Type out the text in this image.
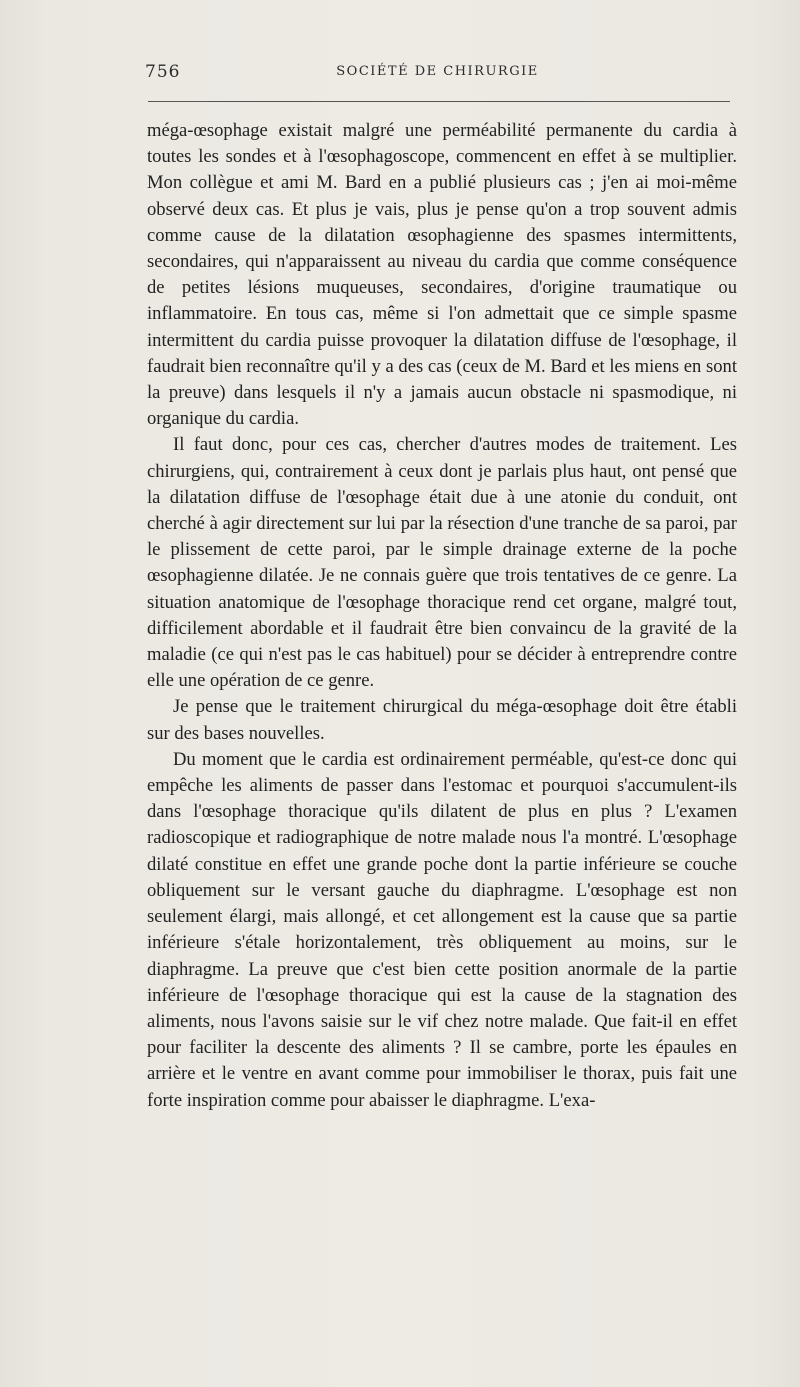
756	SOCIÉTÉ DE CHIRURGIE

méga-œsophage existait malgré une perméabilité permanente du cardia à toutes les sondes et à l'œsophagoscope, commencent en effet à se multiplier. Mon collègue et ami M. Bard en a publié plusieurs cas ; j'en ai moi-même observé deux cas. Et plus je vais, plus je pense qu'on a trop souvent admis comme cause de la dilatation œsophagienne des spasmes intermittents, secondaires, qui n'apparaissent au niveau du cardia que comme conséquence de petites lésions muqueuses, secondaires, d'origine traumatique ou inflammatoire. En tous cas, même si l'on admettait que ce simple spasme intermittent du cardia puisse provoquer la dilatation diffuse de l'œsophage, il faudrait bien reconnaître qu'il y a des cas (ceux de M. Bard et les miens en sont la preuve) dans lesquels il n'y a jamais aucun obstacle ni spasmodique, ni organique du cardia.

Il faut donc, pour ces cas, chercher d'autres modes de traitement. Les chirurgiens, qui, contrairement à ceux dont je parlais plus haut, ont pensé que la dilatation diffuse de l'œsophage était due à une atonie du conduit, ont cherché à agir directement sur lui par la résection d'une tranche de sa paroi, par le plissement de cette paroi, par le simple drainage externe de la poche œsophagienne dilatée. Je ne connais guère que trois tentatives de ce genre. La situation anatomique de l'œsophage thoracique rend cet organe, malgré tout, difficilement abordable et il faudrait être bien convaincu de la gravité de la maladie (ce qui n'est pas le cas habituel) pour se décider à entreprendre contre elle une opération de ce genre.

Je pense que le traitement chirurgical du méga-œsophage doit être établi sur des bases nouvelles.

Du moment que le cardia est ordinairement perméable, qu'est-ce donc qui empêche les aliments de passer dans l'estomac et pourquoi s'accumulent-ils dans l'œsophage thoracique qu'ils dilatent de plus en plus ? L'examen radioscopique et radiographique de notre malade nous l'a montré. L'œsophage dilaté constitue en effet une grande poche dont la partie inférieure se couche obliquement sur le versant gauche du diaphragme. L'œsophage est non seulement élargi, mais allongé, et cet allongement est la cause que sa partie inférieure s'étale horizontalement, très obliquement au moins, sur le diaphragme. La preuve que c'est bien cette position anormale de la partie inférieure de l'œsophage thoracique qui est la cause de la stagnation des aliments, nous l'avons saisie sur le vif chez notre malade. Que fait-il en effet pour faciliter la descente des aliments ? Il se cambre, porte les épaules en arrière et le ventre en avant comme pour immobiliser le thorax, puis fait une forte inspiration comme pour abaisser le diaphragme. L'exa-
